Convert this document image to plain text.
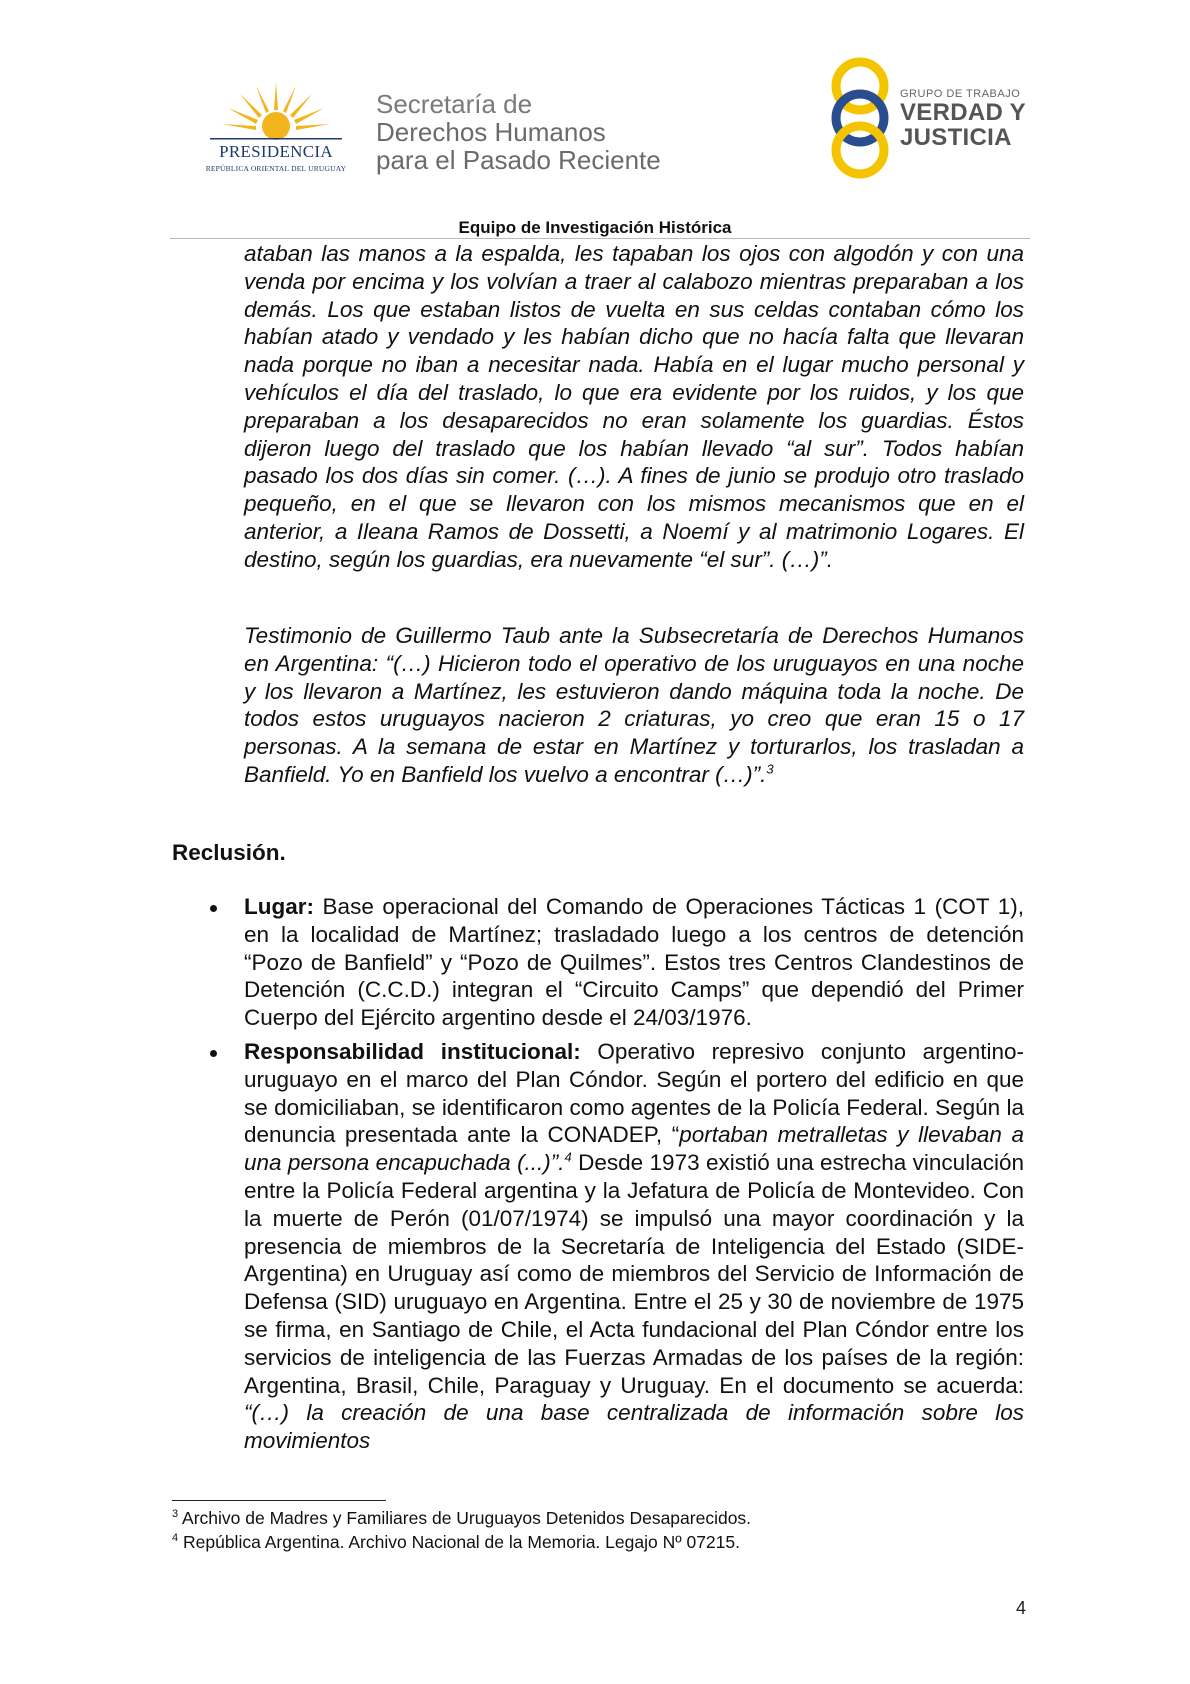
PRESIDENCIA
REPÚBLICA ORIENTAL DEL URUGUAY
Secretaría de
Derechos Humanos
para el Pasado Reciente
GRUPO DE TRABAJO
VERDAD Y
JUSTICIA
Equipo de Investigación Histórica
ataban las manos a la espalda, les tapaban los ojos con algodón y con una venda por encima y los volvían a traer al calabozo mientras preparaban a los demás. Los que estaban listos de vuelta en sus celdas contaban cómo los habían atado y vendado y les habían dicho que no hacía falta que llevaran nada porque no iban a necesitar nada. Había en el lugar mucho personal y vehículos el día del traslado, lo que era evidente por los ruidos, y los que preparaban a los desaparecidos no eran solamente los guardias. Éstos dijeron luego del traslado que los habían llevado “al sur”. Todos habían pasado los dos días sin comer. (…). A fines de junio se produjo otro traslado pequeño, en el que se llevaron con los mismos mecanismos que en el anterior, a Ileana Ramos de Dossetti, a Noemí y al matrimonio Logares. El destino, según los guardias, era nuevamente “el sur”. (…)”.
Testimonio de Guillermo Taub ante la Subsecretaría de Derechos Humanos en Argentina: “(…) Hicieron todo el operativo de los uruguayos en una noche y los llevaron a Martínez, les estuvieron dando máquina toda la noche. De todos estos uruguayos nacieron 2 criaturas, yo creo que eran 15 o 17 personas. A la semana de estar en Martínez y torturarlos, los trasladan a Banfield. Yo en Banfield los vuelvo a encontrar (…)”.$^3$
Reclusión.
Lugar: Base operacional del Comando de Operaciones Tácticas 1 (COT 1), en la localidad de Martínez; trasladado luego a los centros de detención “Pozo de Banfield” y “Pozo de Quilmes”. Estos tres Centros Clandestinos de Detención (C.C.D.) integran el “Circuito Camps” que dependió del Primer Cuerpo del Ejército argentino desde el 24/03/1976.
Responsabilidad institucional: Operativo represivo conjunto argentino-uruguayo en el marco del Plan Cóndor. Según el portero del edificio en que se domiciliaban, se identificaron como agentes de la Policía Federal. Según la denuncia presentada ante la CONADEP, “portaban metralletas y llevaban a una persona encapuchada (...)”.$^4$ Desde 1973 existió una estrecha vinculación entre la Policía Federal argentina y la Jefatura de Policía de Montevideo. Con la muerte de Perón (01/07/1974) se impulsó una mayor coordinación y la presencia de miembros de la Secretaría de Inteligencia del Estado (SIDE-Argentina) en Uruguay así como de miembros del Servicio de Información de Defensa (SID) uruguayo en Argentina. Entre el 25 y 30 de noviembre de 1975 se firma, en Santiago de Chile, el Acta fundacional del Plan Cóndor entre los servicios de inteligencia de las Fuerzas Armadas de los países de la región: Argentina, Brasil, Chile, Paraguay y Uruguay. En el documento se acuerda: “(…) la creación de una base centralizada de información sobre los movimientos
$^3$ Archivo de Madres y Familiares de Uruguayos Detenidos Desaparecidos.
$^4$ República Argentina. Archivo Nacional de la Memoria. Legajo Nº 07215.
4
